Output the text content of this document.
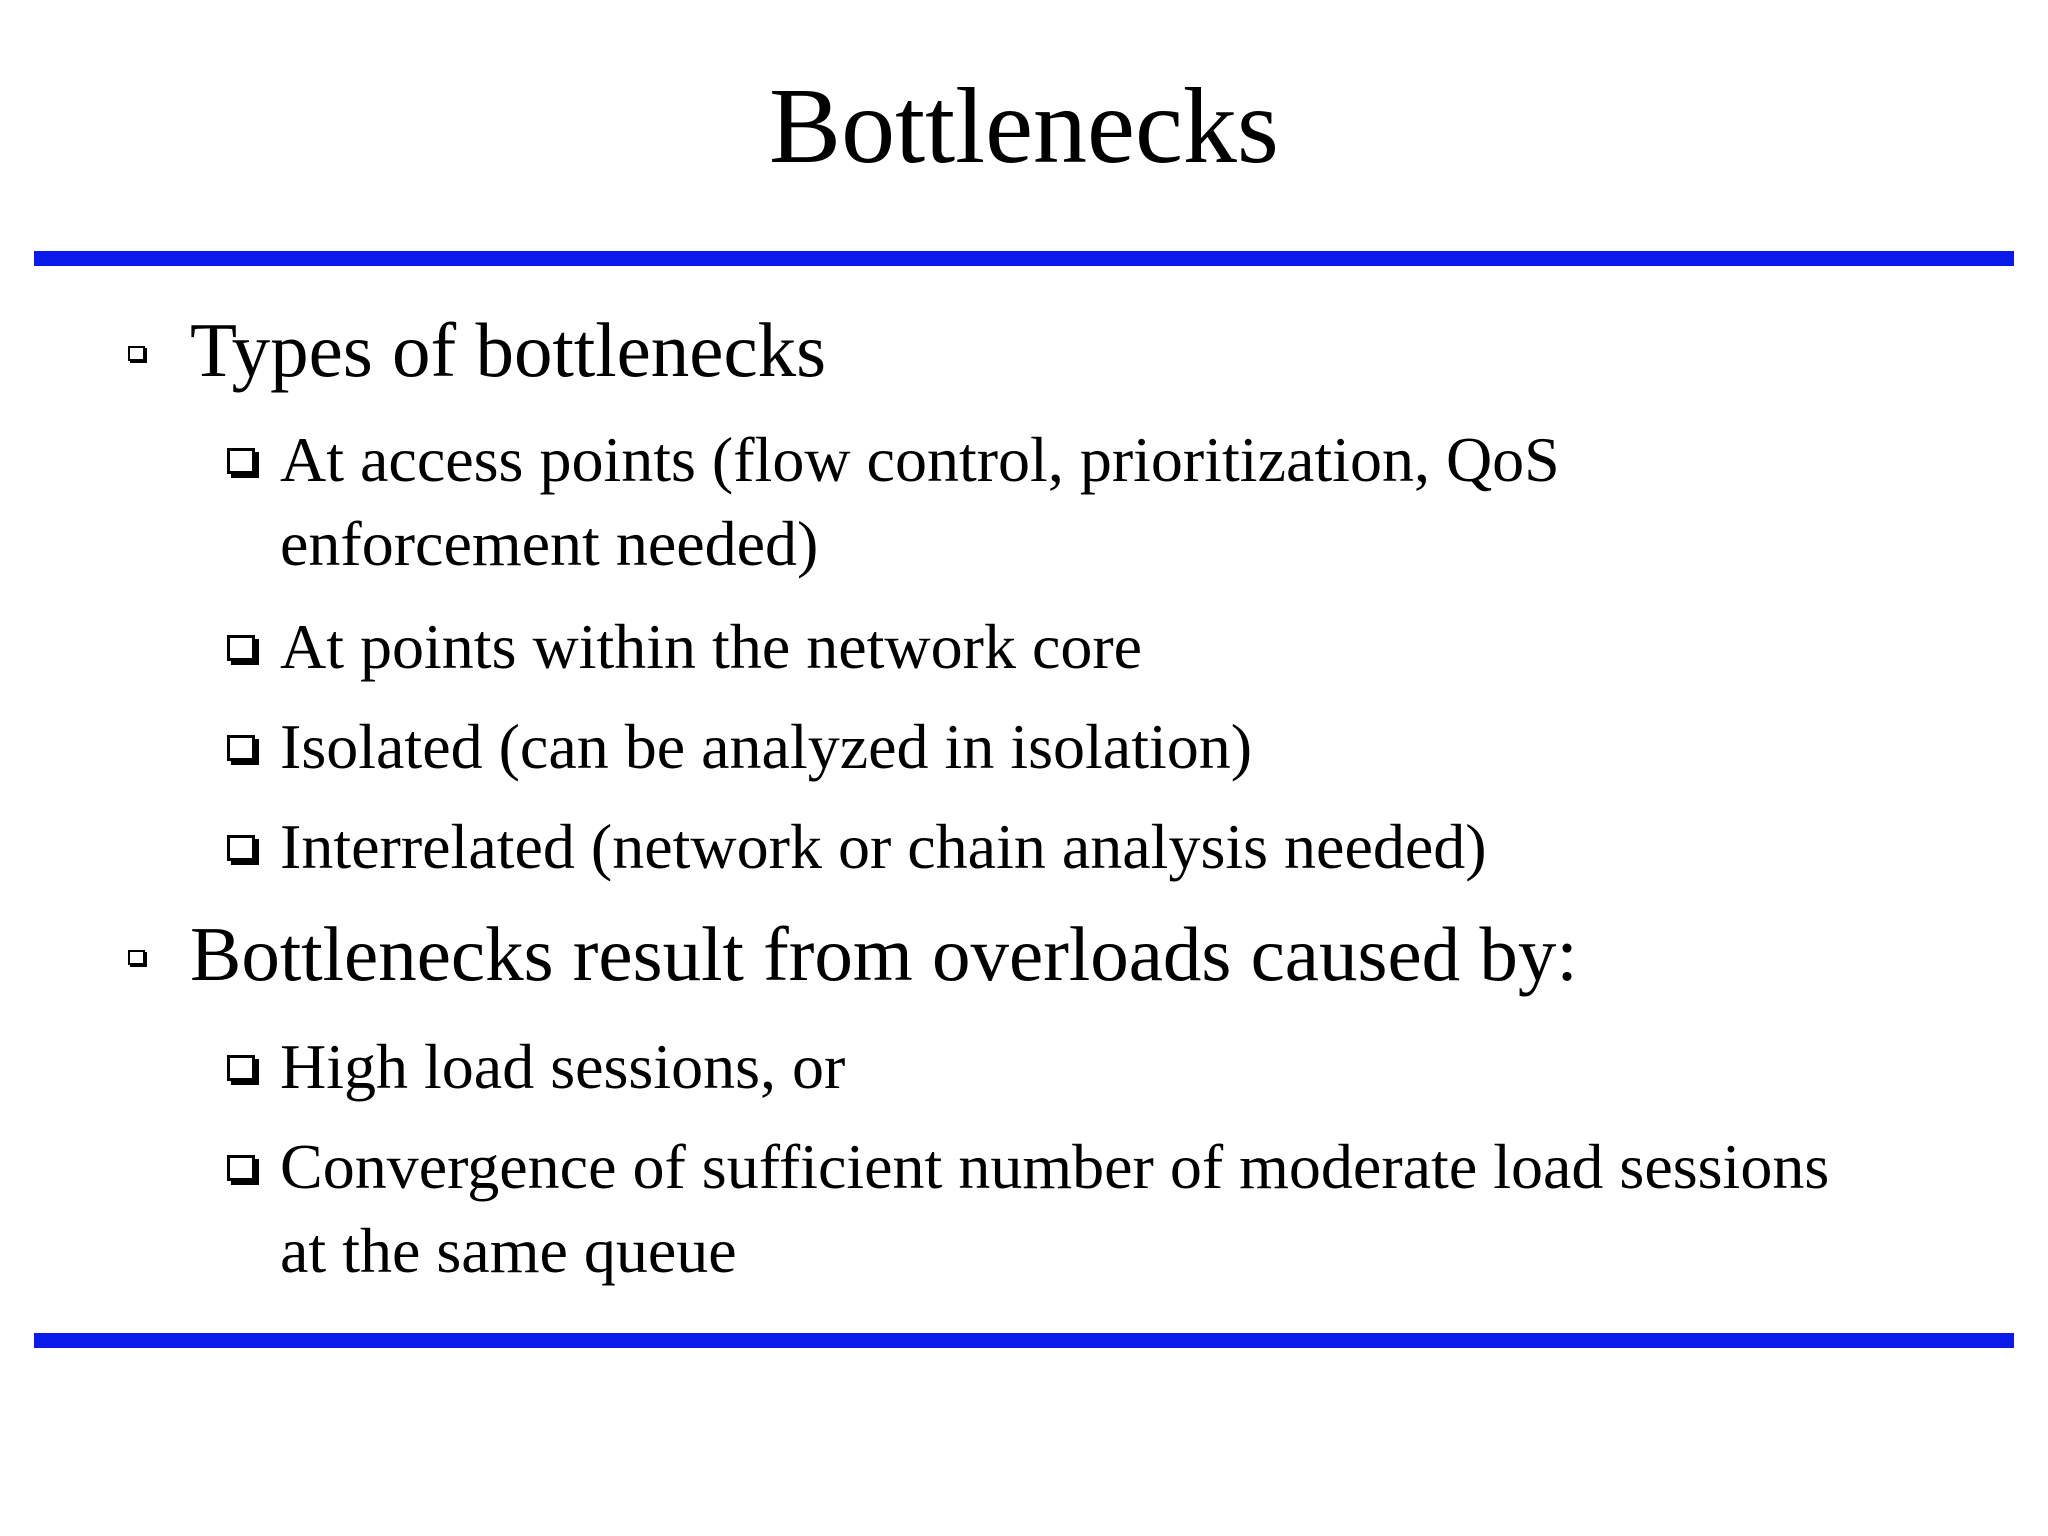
Bottlenecks
Types of bottlenecks
At access points (flow control, prioritization, QoS enforcement needed)
At points within the network core
Isolated (can be analyzed in isolation)
Interrelated (network or chain analysis needed)
Bottlenecks result from overloads caused by:
High load sessions, or
Convergence of sufficient number of moderate load sessions at the same queue
